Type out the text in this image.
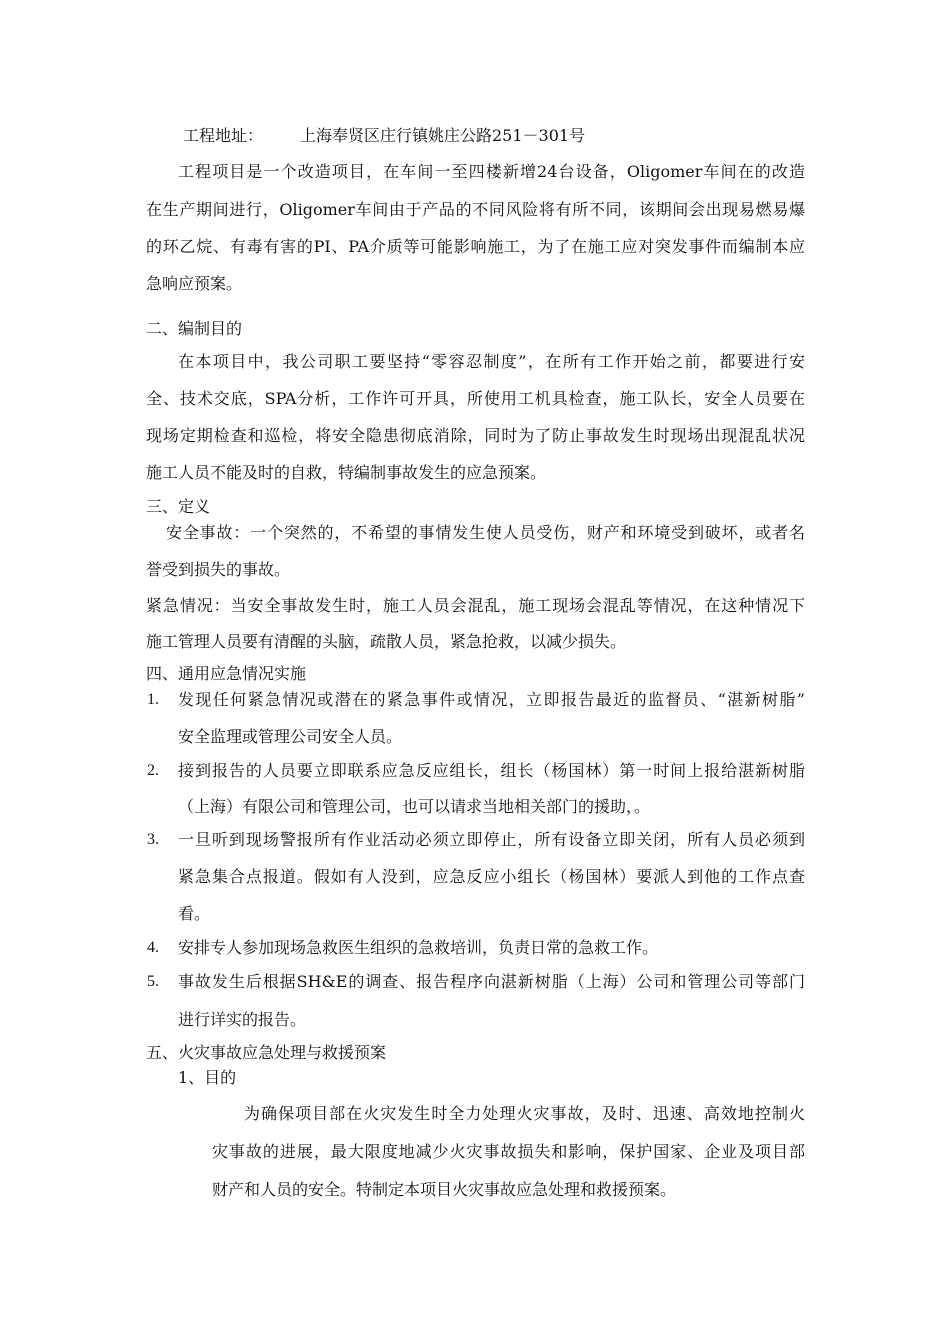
工程地址： 上海奉贤区庄行镇姚庄公路251－301号
工程项目是一个改造项目，在车间一至四楼新增24台设备，Oligomer车间在的改造
在生产期间进行，Oligomer车间由于产品的不同风险将有所不同，该期间会出现易燃易爆
的环乙烷、有毒有害的PI、PA介质等可能影响施工，为了在施工应对突发事件而编制本应
急响应预案。
二、编制目的
在本项目中，我公司职工要坚持“零容忍制度”，在所有工作开始之前，都要进行安
全、技术交底，SPA分析，工作许可开具，所使用工机具检查，施工队长，安全人员要在
现场定期检查和巡检，将安全隐患彻底消除，同时为了防止事故发生时现场出现混乱状况
施工人员不能及时的自救，特编制事故发生的应急预案。
三、定义
安全事故：一个突然的，不希望的事情发生使人员受伤，财产和环境受到破坏，或者名
誉受到损失的事故。
紧急情况：当安全事故发生时，施工人员会混乱，施工现场会混乱等情况，在这种情况下
施工管理人员要有清醒的头脑，疏散人员，紧急抢救，以减少损失。
四、通用应急情况实施
1. 发现任何紧急情况或潜在的紧急事件或情况，立即报告最近的监督员、“湛新树脂”
安全监理或管理公司安全人员。
2. 接到报告的人员要立即联系应急反应组长，组长（杨国林）第一时间上报给湛新树脂
（上海）有限公司和管理公司，也可以请求当地相关部门的援助，。
3. 一旦听到现场警报所有作业活动必须立即停止，所有设备立即关闭，所有人员必须到
紧急集合点报道。假如有人没到，应急反应小组长（杨国林）要派人到他的工作点查
看。
4. 安排专人参加现场急救医生组织的急救培训，负责日常的急救工作。
5. 事故发生后根据SH&E的调查、报告程序向湛新树脂（上海）公司和管理公司等部门
进行详实的报告。
五、火灾事故应急处理与救援预案
1、目的
为确保项目部在火灾发生时全力处理火灾事故，及时、迅速、高效地控制火
灾事故的进展，最大限度地减少火灾事故损失和影响，保护国家、企业及项目部
财产和人员的安全。特制定本项目火灾事故应急处理和救援预案。
